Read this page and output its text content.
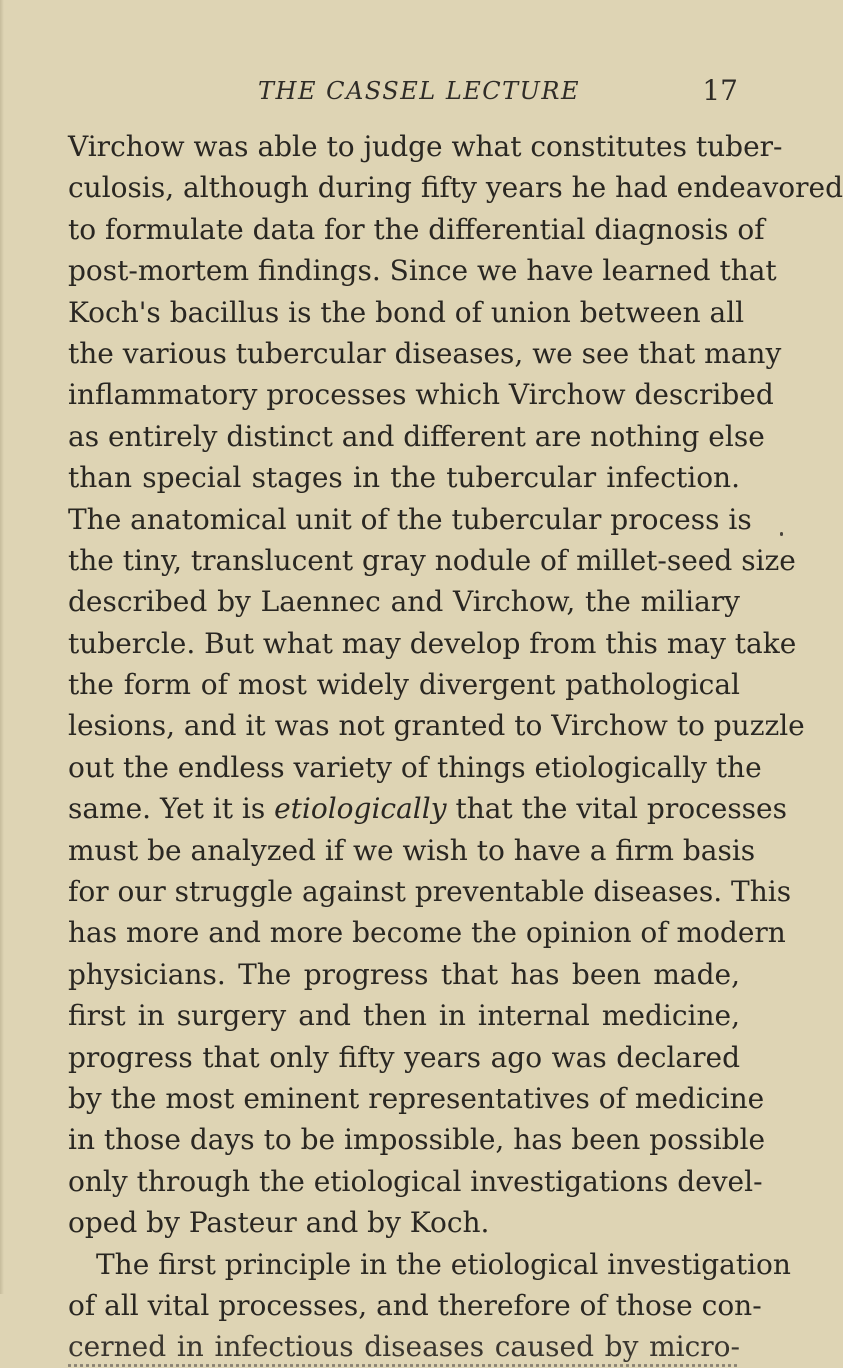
THE CASSEL LECTURE	17
Virchow was able to judge what constitutes tuber-
culosis, although during fifty years he had endeavored
to formulate data for the differential diagnosis of
post-mortem findings. Since we have learned that
Koch's bacillus is the bond of union between all
the various tubercular diseases, we see that many
inflammatory processes which Virchow described
as entirely distinct and different are nothing else
than special stages in the tubercular infection.
The anatomical unit of the tubercular process is
the tiny, translucent gray nodule of millet-seed size
described by Laennec and Virchow, the miliary
tubercle. But what may develop from this may take
the form of most widely divergent pathological
lesions, and it was not granted to Virchow to puzzle
out the endless variety of things etiologically the
same. Yet it is etiologically that the vital processes
must be analyzed if we wish to have a firm basis
for our struggle against preventable diseases. This
has more and more become the opinion of modern
physicians. The progress that has been made,
first in surgery and then in internal medicine,
progress that only fifty years ago was declared
by the most eminent representatives of medicine
in those days to be impossible, has been possible
only through the etiological investigations devel-
oped by Pasteur and by Koch.
The first principle in the etiological investigation
of all vital processes, and therefore of those con-
cerned in infectious diseases caused by micro-
